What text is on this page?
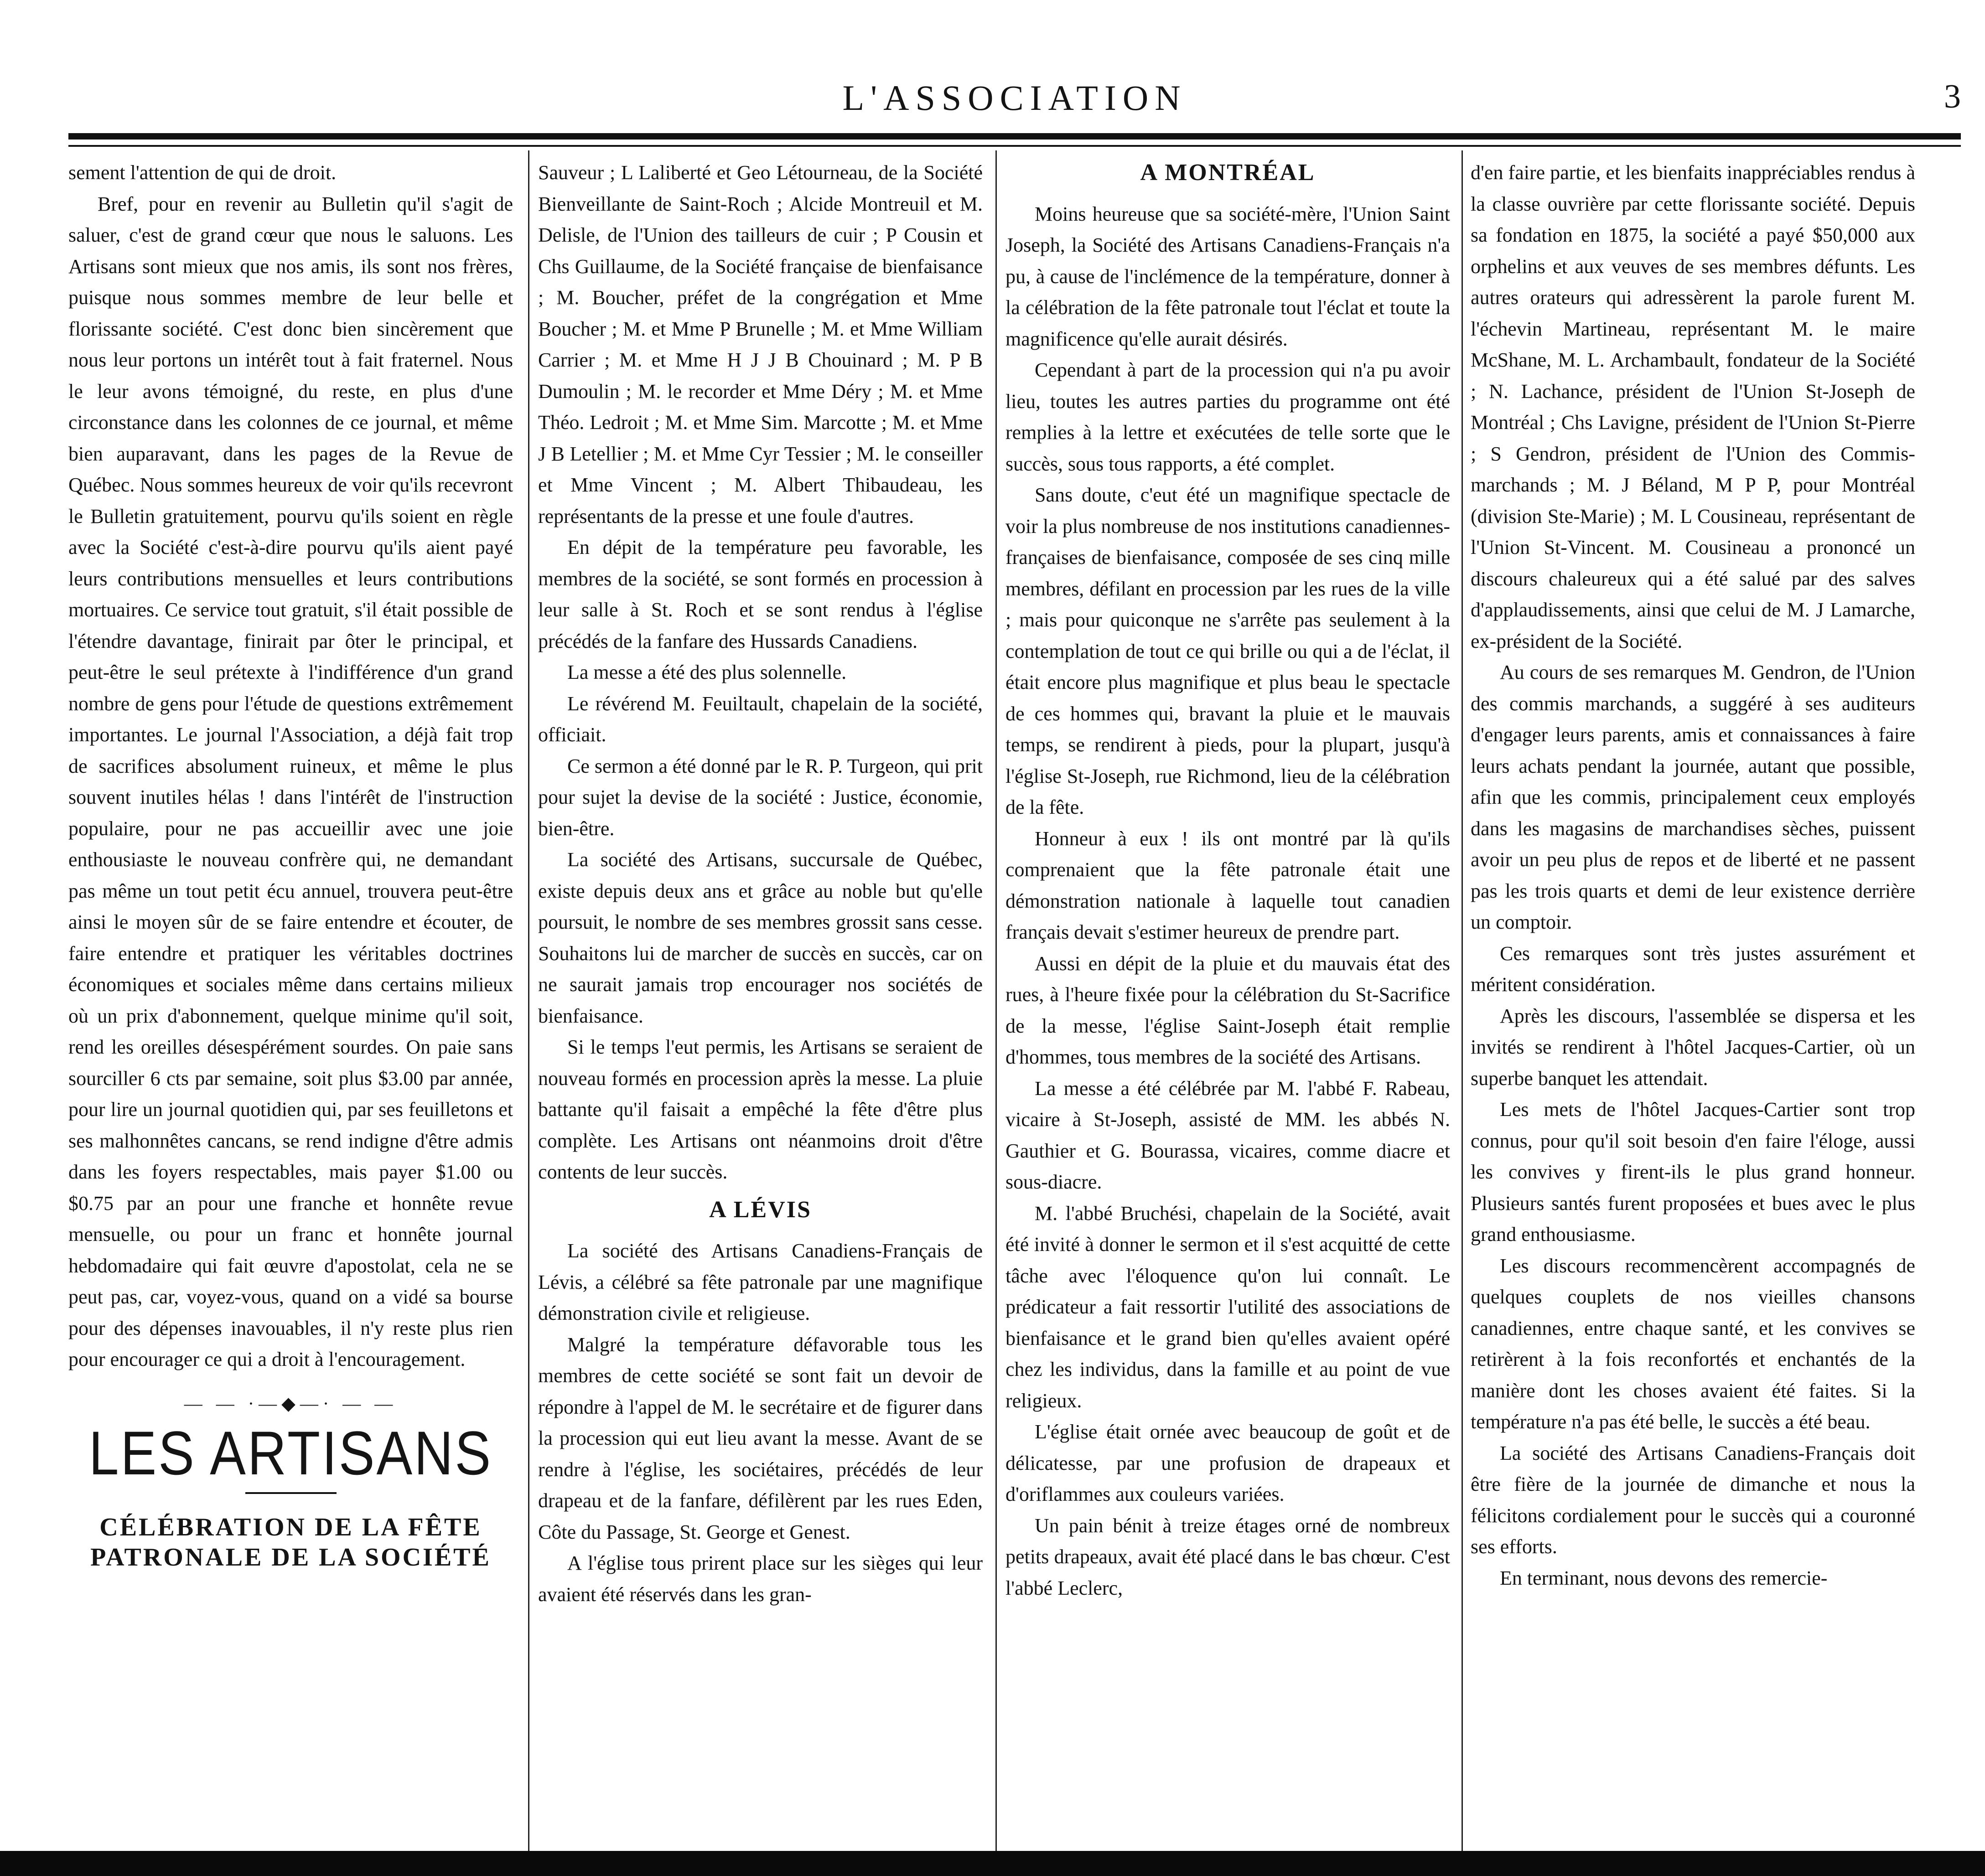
L'ASSOCIATION	3

sement l'attention de qui de droit.

Bref, pour en revenir au Bulletin qu'il s'agit de saluer, c'est de grand cœur que nous le saluons. Les Artisans sont mieux que nos amis, ils sont nos frères, puisque nous sommes membre de leur belle et florissante société. C'est donc bien sincèrement que nous leur portons un intérêt tout à fait fraternel. Nous le leur avons témoigné, du reste, en plus d'une circonstance dans les colonnes de ce journal, et même bien auparavant, dans les pages de la Revue de Québec. Nous sommes heureux de voir qu'ils recevront le Bulletin gratuitement, pourvu qu'ils soient en règle avec la Société c'est-à-dire pourvu qu'ils aient payé leurs contributions mensuelles et leurs contributions mortuaires. Ce service tout gratuit, s'il était possible de l'étendre davantage, finirait par ôter le principal, et peut-être le seul prétexte à l'indifférence d'un grand nombre de gens pour l'étude de questions extrêmement importantes. Le journal l'Association, a déjà fait trop de sacrifices absolument ruineux, et même le plus souvent inutiles hélas ! dans l'intérêt de l'instruction populaire, pour ne pas accueillir avec une joie enthousiaste le nouveau confrère qui, ne demandant pas même un tout petit écu annuel, trouvera peut-être ainsi le moyen sûr de se faire entendre et écouter, de faire entendre et pratiquer les véritables doctrines économiques et sociales même dans certains milieux où un prix d'abonnement, quelque minime qu'il soit, rend les oreilles désespérément sourdes. On paie sans sourciller 6 cts par semaine, soit plus $3.00 par année, pour lire un journal quotidien qui, par ses feuilletons et ses malhonnêtes cancans, se rend indigne d'être admis dans les foyers respectables, mais payer $1.00 ou $0.75 par an pour une franche et honnête revue mensuelle, ou pour un franc et honnête journal hebdomadaire qui fait œuvre d'apostolat, cela ne se peut pas, car, voyez-vous, quand on a vidé sa bourse pour des dépenses inavouables, il n'y reste plus rien pour encourager ce qui a droit à l'encouragement.

— — ·—◆—· — —
LES ARTISANS
CÉLÉBRATION DE LA FÊTE
PATRONALE DE LA SOCIÉTÉ

Sauveur ; L Laliberté et Geo Létourneau, de la Société Bienveillante de Saint-Roch ; Alcide Montreuil et M. Delisle, de l'Union des tailleurs de cuir ; P Cousin et Chs Guillaume, de la Société française de bienfaisance ; M. Boucher, préfet de la congrégation et Mme Boucher ; M. et Mme P Brunelle ; M. et Mme William Carrier ; M. et Mme H J J B Chouinard ; M. P B Dumoulin ; M. le recorder et Mme Déry ; M. et Mme Théo. Ledroit ; M. et Mme Sim. Marcotte ; M. et Mme J B Letellier ; M. et Mme Cyr Tessier ; M. le conseiller et Mme Vincent ; M. Albert Thibaudeau, les représentants de la presse et une foule d'autres.

En dépit de la température peu favorable, les membres de la société, se sont formés en procession à leur salle à St. Roch et se sont rendus à l'église précédés de la fanfare des Hussards Canadiens.

La messe a été des plus solennelle.

Le révérend M. Feuiltault, chapelain de la société, officiait.

Ce sermon a été donné par le R. P. Turgeon, qui prit pour sujet la devise de la société : Justice, économie, bien-être.

La société des Artisans, succursale de Québec, existe depuis deux ans et grâce au noble but qu'elle poursuit, le nombre de ses membres grossit sans cesse. Souhaitons lui de marcher de succès en succès, car on ne saurait jamais trop encourager nos sociétés de bienfaisance.

Si le temps l'eut permis, les Artisans se seraient de nouveau formés en procession après la messe. La pluie battante qu'il faisait a empêché la fête d'être plus complète. Les Artisans ont néanmoins droit d'être contents de leur succès.

A LÉVIS

La société des Artisans Canadiens-Français de Lévis, a célébré sa fête patronale par une magnifique démonstration civile et religieuse.

Malgré la température défavorable tous les membres de cette société se sont fait un devoir de répondre à l'appel de M. le secrétaire et de figurer dans la procession qui eut lieu avant la messe. Avant de se rendre à l'église, les sociétaires, précédés de leur drapeau et de la fanfare, défilèrent par les rues Eden, Côte du Passage, St. George et Genest.

A l'église tous prirent place sur les sièges qui leur avaient été réservés dans les gran-

A MONTRÉAL

Moins heureuse que sa société-mère, l'Union Saint Joseph, la Société des Artisans Canadiens-Français n'a pu, à cause de l'inclémence de la température, donner à la célébration de la fête patronale tout l'éclat et toute la magnificence qu'elle aurait désirés.

Cependant à part de la procession qui n'a pu avoir lieu, toutes les autres parties du programme ont été remplies à la lettre et exécutées de telle sorte que le succès, sous tous rapports, a été complet.

Sans doute, c'eut été un magnifique spectacle de voir la plus nombreuse de nos institutions canadiennes-françaises de bienfaisance, composée de ses cinq mille membres, défilant en procession par les rues de la ville ; mais pour quiconque ne s'arrête pas seulement à la contemplation de tout ce qui brille ou qui a de l'éclat, il était encore plus magnifique et plus beau le spectacle de ces hommes qui, bravant la pluie et le mauvais temps, se rendirent à pieds, pour la plupart, jusqu'à l'église St-Joseph, rue Richmond, lieu de la célébration de la fête.

Honneur à eux ! ils ont montré par là qu'ils comprenaient que la fête patronale était une démonstration nationale à laquelle tout canadien français devait s'estimer heureux de prendre part.

Aussi en dépit de la pluie et du mauvais état des rues, à l'heure fixée pour la célébration du St-Sacrifice de la messe, l'église Saint-Joseph était remplie d'hommes, tous membres de la société des Artisans.

La messe a été célébrée par M. l'abbé F. Rabeau, vicaire à St-Joseph, assisté de MM. les abbés N. Gauthier et G. Bourassa, vicaires, comme diacre et sous-diacre.

M. l'abbé Bruchési, chapelain de la Société, avait été invité à donner le sermon et il s'est acquitté de cette tâche avec l'éloquence qu'on lui connaît. Le prédicateur a fait ressortir l'utilité des associations de bienfaisance et le grand bien qu'elles avaient opéré chez les individus, dans la famille et au point de vue religieux.

L'église était ornée avec beaucoup de goût et de délicatesse, par une profusion de drapeaux et d'oriflammes aux couleurs variées.

Un pain bénit à treize étages orné de nombreux petits drapeaux, avait été placé dans le bas chœur. C'est l'abbé Leclerc,

d'en faire partie, et les bienfaits inappréciables rendus à la classe ouvrière par cette florissante société. Depuis sa fondation en 1875, la société a payé $50,000 aux orphelins et aux veuves de ses membres défunts. Les autres orateurs qui adressèrent la parole furent M. l'échevin Martineau, représentant M. le maire McShane, M. L. Archambault, fondateur de la Société ; N. Lachance, président de l'Union St-Joseph de Montréal ; Chs Lavigne, président de l'Union St-Pierre ; S Gendron, président de l'Union des Commis-marchands ; M. J Béland, M P P, pour Montréal (division Ste-Marie) ; M. L Cousineau, représentant de l'Union St-Vincent. M. Cousineau a prononcé un discours chaleureux qui a été salué par des salves d'applaudissements, ainsi que celui de M. J Lamarche, ex-président de la Société.

Au cours de ses remarques M. Gendron, de l'Union des commis marchands, a suggéré à ses auditeurs d'engager leurs parents, amis et connaissances à faire leurs achats pendant la journée, autant que possible, afin que les commis, principalement ceux employés dans les magasins de marchandises sèches, puissent avoir un peu plus de repos et de liberté et ne passent pas les trois quarts et demi de leur existence derrière un comptoir.

Ces remarques sont très justes assurément et méritent considération.

Après les discours, l'assemblée se dispersa et les invités se rendirent à l'hôtel Jacques-Cartier, où un superbe banquet les attendait.

Les mets de l'hôtel Jacques-Cartier sont trop connus, pour qu'il soit besoin d'en faire l'éloge, aussi les convives y firent-ils le plus grand honneur. Plusieurs santés furent proposées et bues avec le plus grand enthousiasme.

Les discours recommencèrent accompagnés de quelques couplets de nos vieilles chansons canadiennes, entre chaque santé, et les convives se retirèrent à la fois reconfortés et enchantés de la manière dont les choses avaient été faites. Si la température n'a pas été belle, le succès a été beau.

La société des Artisans Canadiens-Français doit être fière de la journée de dimanche et nous la félicitons cordialement pour le succès qui a couronné ses efforts.

En terminant, nous devons des remercie-
